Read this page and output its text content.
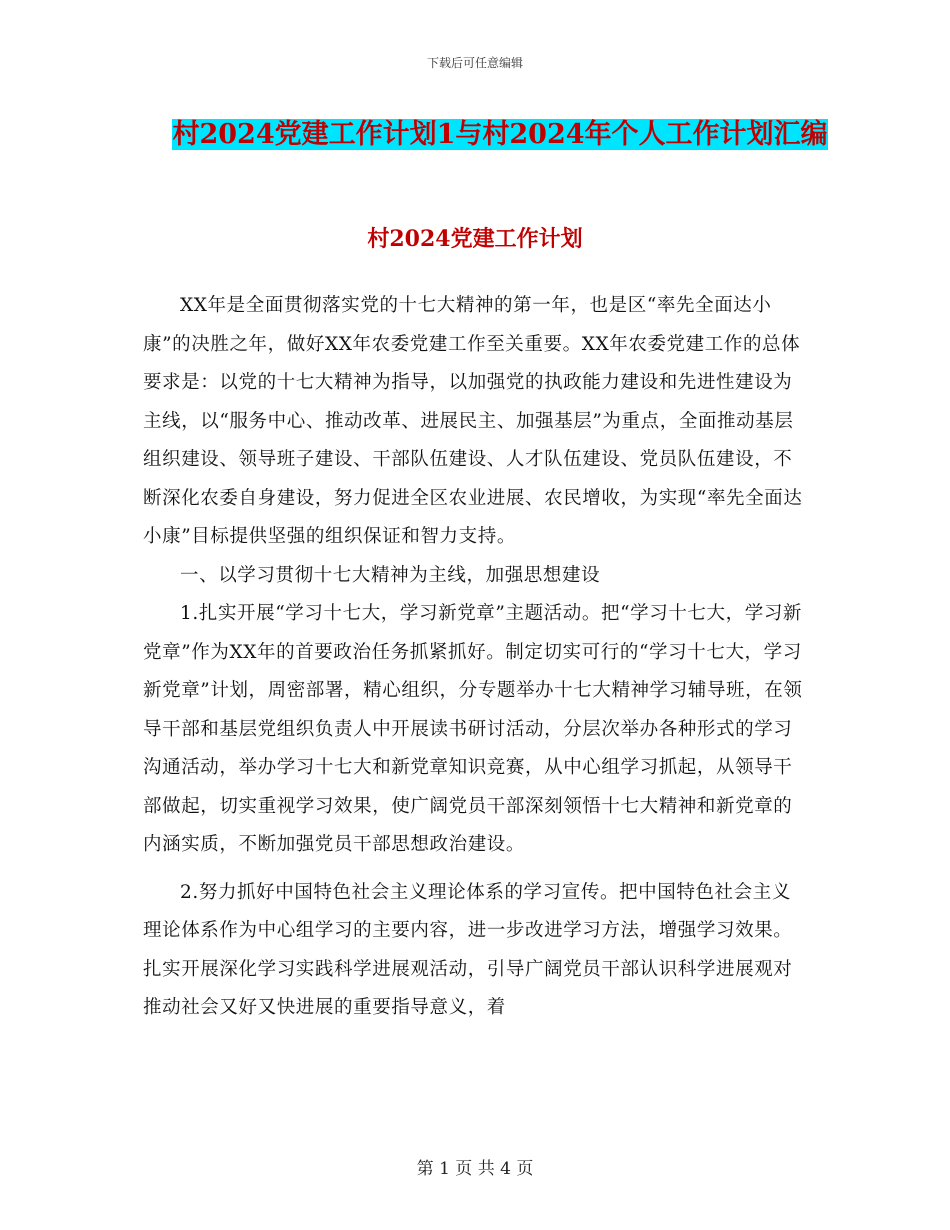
下载后可任意编辑
村2024党建工作计划1与村2024年个人工作计划汇编
村2024党建工作计划

XX年是全面贯彻落实党的十七大精神的第一年，也是区“率先全面达小康”的决胜之年，做好XX年农委党建工作至关重要。XX年农委党建工作的总体要求是：以党的十七大精神为指导，以加强党的执政能力建设和先进性建设为主线，以“服务中心、推动改革、进展民主、加强基层”为重点，全面推动基层组织建设、领导班子建设、干部队伍建设、人才队伍建设、党员队伍建设，不断深化农委自身建设，努力促进全区农业进展、农民增收，为实现“率先全面达小康”目标提供坚强的组织保证和智力支持。

一、以学习贯彻十七大精神为主线，加强思想建设

1.扎实开展“学习十七大，学习新党章”主题活动。把“学习十七大，学习新党章”作为XX年的首要政治任务抓紧抓好。制定切实可行的“学习十七大，学习新党章”计划，周密部署，精心组织，分专题举办十七大精神学习辅导班，在领导干部和基层党组织负责人中开展读书研讨活动，分层次举办各种形式的学习沟通活动，举办学习十七大和新党章知识竞赛，从中心组学习抓起，从领导干部做起，切实重视学习效果，使广阔党员干部深刻领悟十七大精神和新党章的内涵实质，不断加强党员干部思想政治建设。

2.努力抓好中国特色社会主义理论体系的学习宣传。把中国特色社会主义理论体系作为中心组学习的主要内容，进一步改进学习方法，增强学习效果。扎实开展深化学习实践科学进展观活动，引导广阔党员干部认识科学进展观对推动社会又好又快进展的重要指导意义，着

第 1 页 共 4 页
